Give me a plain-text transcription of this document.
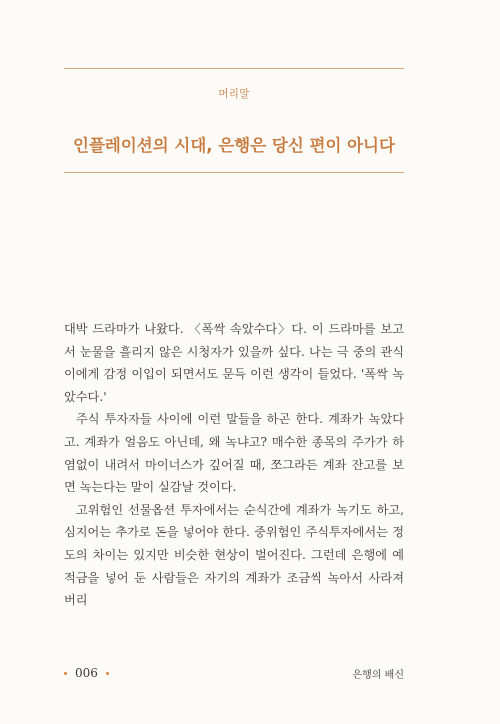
머리말
인플레이션의 시대, 은행은 당신 편이 아니다

대박 드라마가 나왔다. 〈폭싹 속았수다〉다. 이 드라마를 보고서 눈물을 흘리지 않은 시청자가 있을까 싶다. 나는 극 중의 관식이에게 감정 이입이 되면서도 문득 이런 생각이 들었다. '폭싹 녹았수다.'

주식 투자자들 사이에 이런 말들을 하곤 한다. 계좌가 녹았다고. 계좌가 얼음도 아닌데, 왜 녹냐고? 매수한 종목의 주가가 하염없이 내려서 마이너스가 깊어질 때, 쪼그라든 계좌 잔고를 보면 녹는다는 말이 실감날 것이다.

고위험인 선물옵션 투자에서는 순식간에 계좌가 녹기도 하고, 심지어는 추가로 돈을 넣어야 한다. 중위험인 주식투자에서는 정도의 차이는 있지만 비슷한 현상이 벌어진다. 그런데 은행에 예적금을 넣어 둔 사람들은 자기의 계좌가 조금씩 녹아서 사라져 버리

006	은행의 배신
